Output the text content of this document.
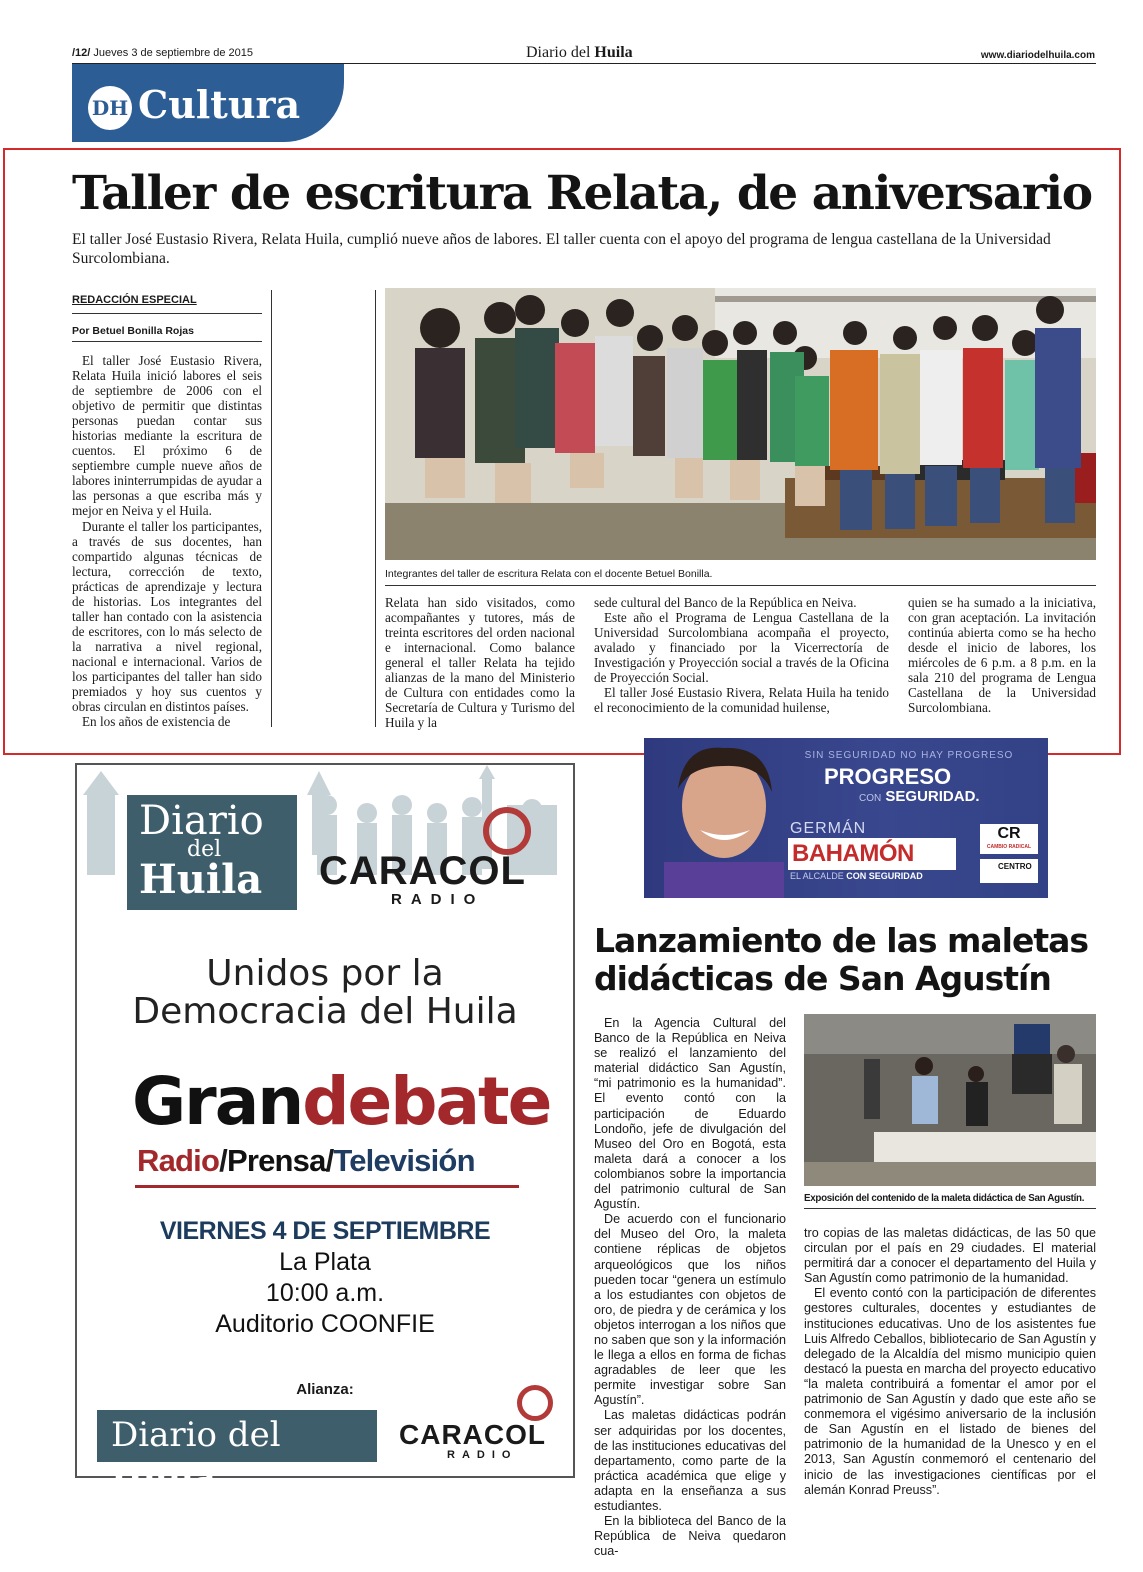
/12/ Jueves 3 de septiembre de 2015	Diario del Huila	www.diariodelhuila.com
DH Cultura
Taller de escritura Relata, de aniversario
El taller José Eustasio Rivera, Relata Huila, cumplió nueve años de labores. El taller cuenta con el apoyo del programa de lengua castellana de la Universidad Surcolombiana.
REDACCIÓN ESPECIAL
Por Betuel Bonilla Rojas

El taller José Eustasio Rivera, Relata Huila inició labores el seis de septiembre de 2006 con el objetivo de permitir que distintas personas puedan contar sus historias mediante la escritura de cuentos. El próximo 6 de septiembre cumple nueve años de labores ininterrumpidas de ayudar a las personas a que escriba más y mejor en Neiva y el Huila.

Durante el taller los participantes, a través de sus docentes, han compartido algunas técnicas de lectura, corrección de texto, prácticas de aprendizaje y lectura de historias. Los integrantes del taller han contado con la asistencia de escritores, con lo más selecto de la narrativa a nivel regional, nacional e internacional. Varios de los participantes del taller han sido premiados y hoy sus cuentos y obras circulan en distintos países.

En los años de existencia de

Integrantes del taller de escritura Relata con el docente Betuel Bonilla.

Relata han sido visitados, como acompañantes y tutores, más de treinta escritores del orden nacional e internacional. Como balance general el taller Relata ha tejido alianzas de la mano del Ministerio de Cultura con entidades como la Secretaría de Cultura y Turismo del Huila y la

sede cultural del Banco de la República en Neiva.

Este año el Programa de Lengua Castellana de la Universidad Surcolombiana acompaña el proyecto, avalado y financiado por la Vicerrectoría de Investigación y Proyección social a través de la Oficina de Proyección Social.

El taller José Eustasio Rivera, Relata Huila ha tenido el reconocimiento de la comunidad huilense,

quien se ha sumado a la iniciativa, con gran aceptación. La invitación continúa abierta como se ha hecho desde el inicio de labores, los miércoles de 6 p.m. a 8 p.m. en la sala 210 del programa de Lengua Castellana de la Universidad Surcolombiana.

Diario
del
Huila	CARACOL
RADIO
Unidos por la
Democracia del Huila
Grandebate
Radio/Prensa/Televisión
VIERNES 4 DE SEPTIEMBRE
La Plata
10:00 a.m.
Auditorio COONFIE
Alianza:
Diario del Huila
CARACOL
RADIO
SIN SEGURIDAD NO HAY PROGRESO
PROGRESO
CON SEGURIDAD.
GERMÁN
BAHAMÓN
EL ALCALDE CON SEGURIDAD
CR
CAMBIO RADICAL
CENTRO
Lanzamiento de las maletas
didácticas de San Agustín

En la Agencia Cultural del Banco de la República en Neiva se realizó el lanzamiento del material didáctico San Agustín, “mi patrimonio es la humanidad”. El evento contó con la participación de Eduardo Londoño, jefe de divulgación del Museo del Oro en Bogotá, esta maleta dará a conocer a los colombianos sobre la importancia del patrimonio cultural de San Agustín.

De acuerdo con el funcionario del Museo del Oro, la maleta contiene réplicas de objetos arqueológicos que los niños pueden tocar “genera un estímulo a los estudiantes con objetos de oro, de piedra y de cerámica y los objetos interrogan a los niños que no saben que son y la información le llega a ellos en forma de fichas agradables de leer que les permite investigar sobre San Agustín”.

Las maletas didácticas podrán ser adquiridas por los docentes, de las instituciones educativas del departamento, como parte de la práctica académica que elige y adapta en la enseñanza a sus estudiantes.

En la biblioteca del Banco de la República de Neiva quedaron cua-

Exposición del contenido de la maleta didáctica de San Agustín.

tro copias de las maletas didácticas, de las 50 que circulan por el país en 29 ciudades. El material permitirá dar a conocer el departamento del Huila y San Agustín como patrimonio de la humanidad.

El evento contó con la participación de diferentes gestores culturales, docentes y estudiantes de instituciones educativas. Uno de los asistentes fue Luis Alfredo Ceballos, bibliotecario de San Agustín y delegado de la Alcaldía del mismo municipio quien destacó la puesta en marcha del proyecto educativo “la maleta contribuirá a fomentar el amor por el patrimonio de San Agustín y dado que este año se conmemora el vigésimo aniversario de la inclusión de San Agustín en el listado de bienes del patrimonio de la humanidad de la Unesco y en el 2013, San Agustín conmemoró el centenario del inicio de las investigaciones científicas por el alemán Konrad Preuss”.
